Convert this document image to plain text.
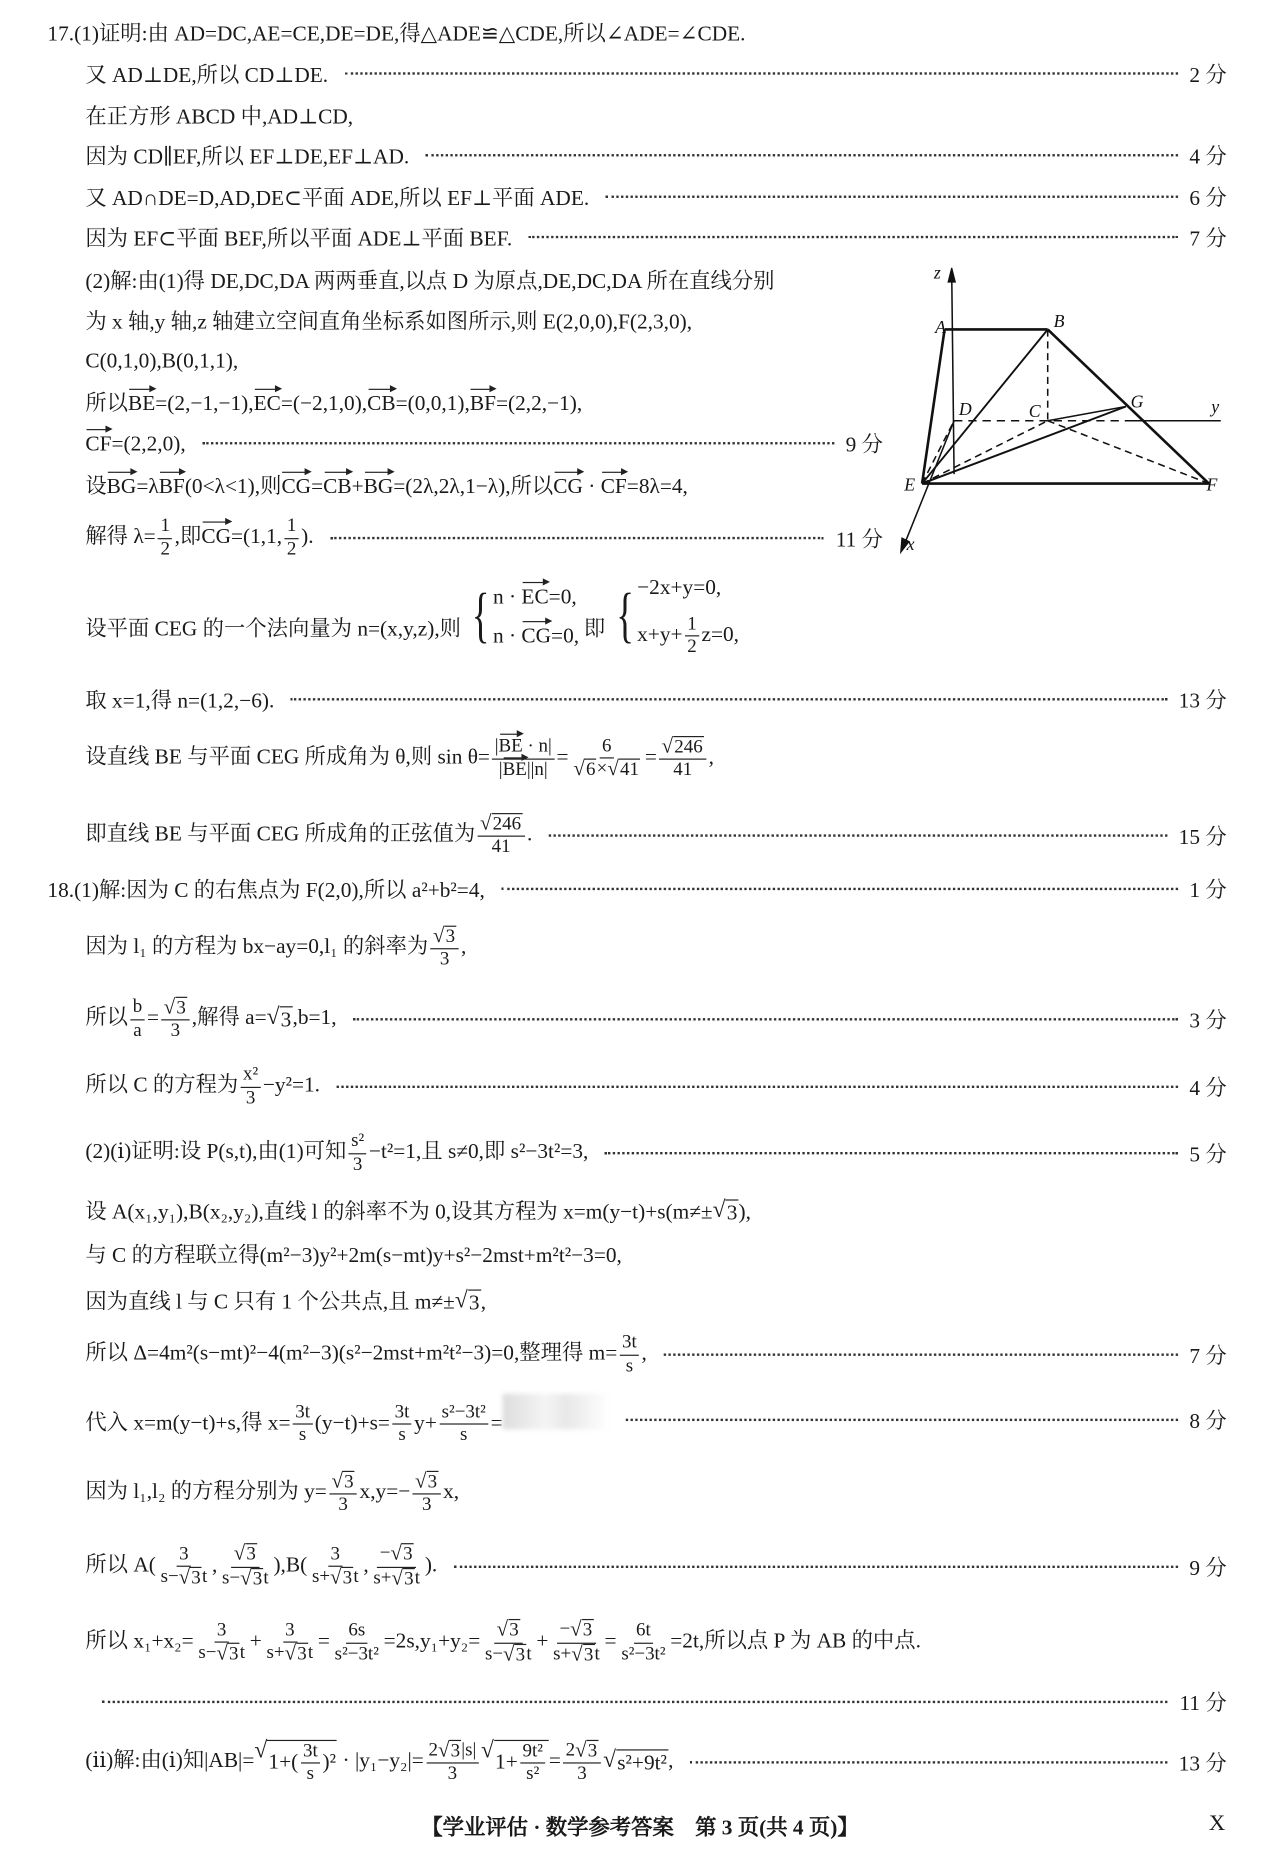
17.(1)证明:由 AD=DC,AE=CE,DE=DE,得△ADE≌△CDE,所以∠ADE=∠CDE.
又 AD⊥DE,所以 CD⊥DE.	2 分
在正方形 ABCD 中,AD⊥CD,
因为 CD∥EF,所以 EF⊥DE,EF⊥AD.	4 分
又 AD∩DE=D,AD,DE⊂平面 ADE,所以 EF⊥平面 ADE.	6 分
因为 EF⊂平面 BEF,所以平面 ADE⊥平面 BEF.	7 分
(2)解:由(1)得 DE,DC,DA 两两垂直,以点 D 为原点,DE,DC,DA 所在直线分别
为 x 轴,y 轴,z 轴建立空间直角坐标系如图所示,则 E(2,0,0),F(2,3,0),
C(0,1,0),B(0,1,1),
所以BE=(2,−1,−1),EC=(−2,1,0),CB=(0,0,1),BF=(2,2,−1),
CF=(2,2,0),	9 分
设BG=λBF(0<λ<1),则CG=CB+BG=(2λ,2λ,1−λ),所以CG · CF=8λ=4,
解得 $\lambda= \frac{1}{2}$ ,即CG=(1,1, $\frac{1}{2}$ ).	11 分
设平面 CEG 的一个法向量为 n=(x,y,z),则 { n · EC=0,
n · CG=0, 即 { −2x+y=0,
$x+y+ \frac{1}{2} z=0$,
取 x=1,得 n=(1,2,−6).	13 分
设直线 BE 与平面 CEG 所成角为 θ,则 $\sin \theta= \frac{|BE \cdot n|}{|BE||n|} = \frac{6}{√ 6 \times √ 41} = \frac{√ 246}{41}$ ,
即直线 BE 与平面 CEG 所成角的正弦值为 $\frac{√ 246}{41}$ .	15 分
18.(1)解:因为 C 的右焦点为 F(2,0),所以 a²+b²=4,	1 分
因为 l₁ 的方程为 bx−ay=0,l₁ 的斜率为 $\frac{√ 3}{3}$ ,
所以 $\frac{b}{a} = \frac{√ 3}{3}$ ,解得 a= √ 3 ,b=1,	3 分
所以 C 的方程为 $\frac{\text{x²}}{3} -y^2=1$.	4 分
(2)(ⅰ)证明:设 P(s,t),由(1)可知 $\frac{\text{s²}}{3} -t^2=1$,且 s≠0,即 s²−3t²=3,	5 分
设 A(x₁,y₁),B(x₂,y₂),直线 l 的斜率不为 0,设其方程为 x=m(y−t)+s(m≠± √ 3 ),
与 C 的方程联立得(m²−3)y²+2m(s−mt)y+s²−2mst+m²t²−3=0,
因为直线 l 与 C 只有 1 个公共点,且 m≠± √ 3 ,
所以 Δ=4m²(s−mt)²−4(m²−3)(s²−2mst+m²t²−3)=0,整理得 $m= \frac{3t}{s}$ ,	7 分
代入 x=m(y−t)+s,得 $x= \frac{3t}{s} (y-t)+s= \frac{3t}{s} y+ \frac{\text{s²−3t²}}{s}$ =	8 分
因为 l₁,l₂ 的方程分别为 $y= \frac{√ 3}{3} x,y=- \frac{√ 3}{3} x$,
所以 $A( \frac{3}{s- √ 3 t}$ , $\frac{√ 3}{s- √ 3 t} ),B( \frac{3}{s+ √ 3 t}$ , $\frac{- √ 3}{s+ √ 3 t}$ ).	9 分
所以 $x_1+x_2= \frac{3}{s- √ 3 t} + \frac{3}{s+ √ 3 t} = \frac{6s}{\text{s²−3t²}} =2s,y_1+y_2= \frac{√ 3}{s- √ 3 t} + \frac{- √ 3}{s+ √ 3 t} = \frac{6t}{\text{s²−3t²}} =2t$,所以点 P 为 AB 的中点.
11 分
(ⅱ)解:由(ⅰ)知|AB|= √ $1+( \frac{3t}{s} )^2 \cdot |y_1-y_2|= \frac{2 √ 3 |s|}{3}$ √ $1+ \frac{\text{9t²}}{\text{s²}} = \frac{2 √ 3}{3}$ √ s²+9t² ,	13 分
z
A	B
D	C	G	y
E	F
x
【学业评估 · 数学参考答案　第 3 页(共 4 页)】	X
